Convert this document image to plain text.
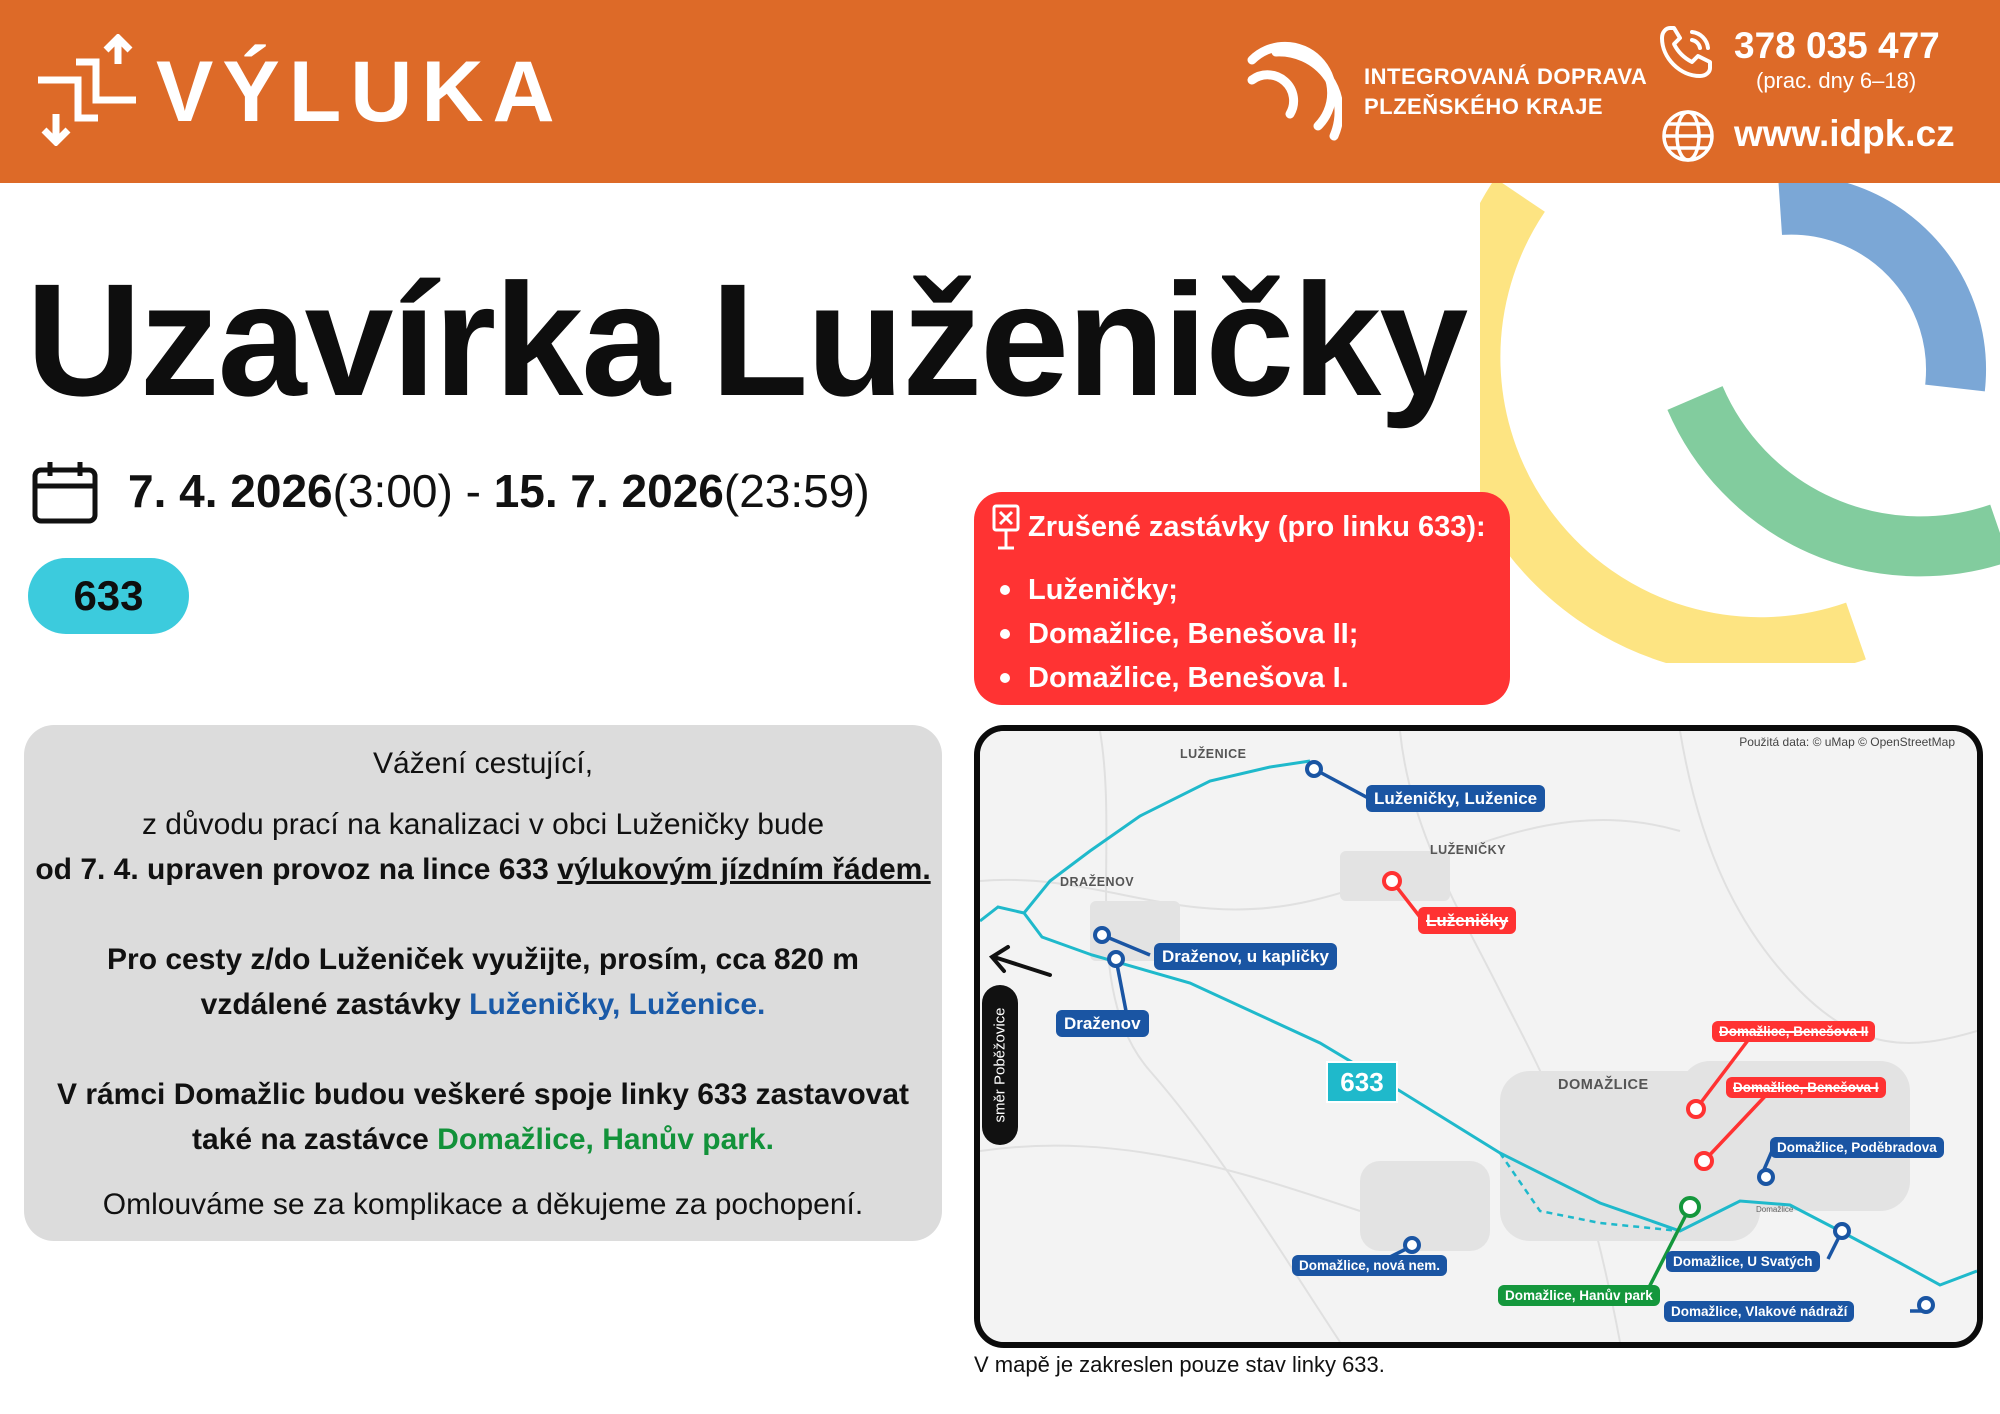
VÝLUKA	INTEGROVANÁ DOPRAVA
PLZEŇSKÉHO KRAJE
378 035 477
(prac. dny 6–18)
www.idpk.cz
Uzavírka Luženičky
7. 4. 2026(3:00) - 15. 7. 2026(23:59)
633
Zrušené zastávky (pro linku 633):
Luženičky;
Domažlice, Benešova II;
Domažlice, Benešova I.

Vážení cestující,

z důvodu prací na kanalizaci v obci Luženičky bude

od 7. 4. upraven provoz na lince 633 výlukovým jízdním řádem.

Pro cesty z/do Luženiček využijte, prosím, cca 820 m

vzdálené zastávky Luženičky, Luženice.

V rámci Domažlic budou veškeré spoje linky 633 zastavovat

také na zastávce Domažlice, Hanův park.

Omlouváme se za komplikace a děkujeme za pochopení.

Použitá data: © uMap © OpenStreetMap
LUŽENICE
LUŽENIČKY
DRAŽENOV
DOMAŽLICE
633
směr Poběžovice
Luženičky, Luženice
Draženov, u kapličky
Draženov
Domažlice, Poděbradova
Domažlice, nová nem.	Domažlice, U Svatých
Domažlice, Vlakové nádraží
Luženičky
Domažlice, Benešova II
Domažlice, Benešova I
Domažlice, Hanův park
Domažlice
V mapě je zakreslen pouze stav linky 633.
